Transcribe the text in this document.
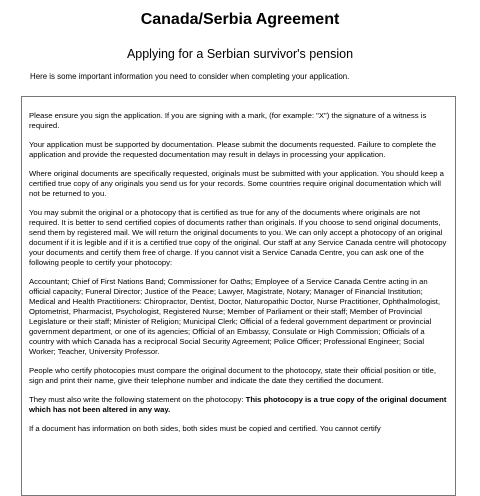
Canada/Serbia Agreement
Applying for a Serbian survivor's pension
Here is some important information you need to consider when completing your application.

Please ensure you sign the application. If you are signing with a mark, (for example: "X") the signature of a witness is required.

Your application must be supported by documentation. Please submit the documents requested. Failure to complete the application and provide the requested documentation may result in delays in processing your application.

Where original documents are specifically requested, originals must be submitted with your application. You should keep a certified true copy of any originals you send us for your records. Some countries require original documentation which will not be returned to you.

You may submit the original or a photocopy that is certified as true for any of the documents where originals are not required. It is better to send certified copies of documents rather than originals. If you choose to send original documents, send them by registered mail. We will return the original documents to you. We can only accept a photocopy of an original document if it is legible and if it is a certified true copy of the original. Our staff at any Service Canada centre will photocopy your documents and certify them free of charge. If you cannot visit a Service Canada Centre, you can ask one of the following people to certify your photocopy:

Accountant; Chief of First Nations Band; Commissioner for Oaths; Employee of a Service Canada Centre acting in an official capacity; Funeral Director; Justice of the Peace; Lawyer, Magistrate, Notary; Manager of Financial Institution; Medical and Health Practitioners: Chiropractor, Dentist, Doctor, Naturopathic Doctor, Nurse Practitioner, Ophthalmologist, Optometrist, Pharmacist, Psychologist, Registered Nurse; Member of Parliament or their staff; Member of Provincial Legislature or their staff; Minister of Religion; Municipal Clerk; Official of a federal government department or provincial government department, or one of its agencies; Official of an Embassy, Consulate or High Commission; Officials of a country with which Canada has a reciprocal Social Security Agreement; Police Officer; Professional Engineer; Social Worker; Teacher, University Professor.

People who certify photocopies must compare the original document to the photocopy, state their official position or title, sign and print their name, give their telephone number and indicate the date they certified the document.

They must also write the following statement on the photocopy: This photocopy is a true copy of the original document which has not been altered in any way.

If a document has information on both sides, both sides must be copied and certified. You cannot certify
